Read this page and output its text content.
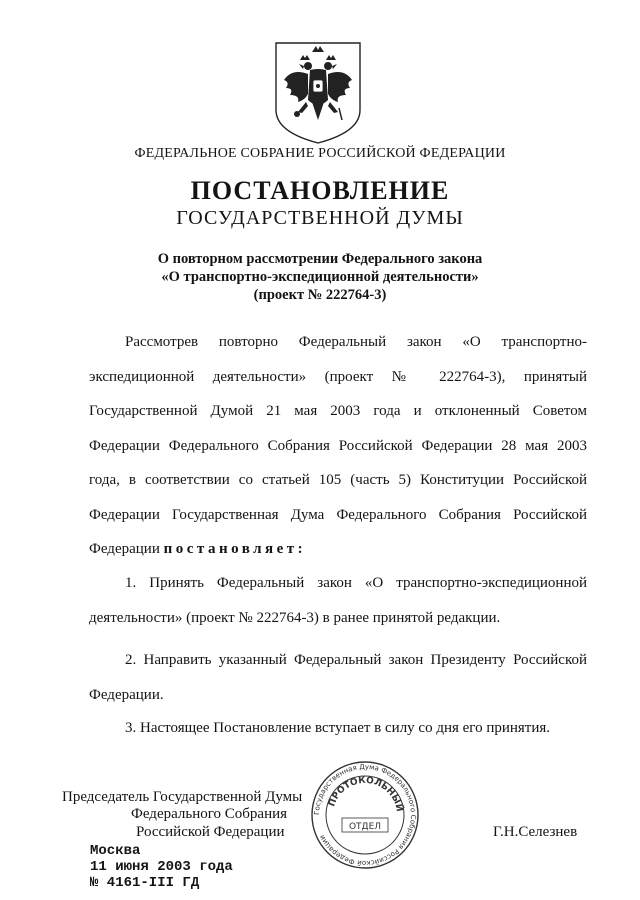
ФЕДЕРАЛЬНОЕ СОБРАНИЕ РОССИЙСКОЙ ФЕДЕРАЦИИ
ПОСТАНОВЛЕНИЕ
ГОСУДАРСТВЕННОЙ ДУМЫ
О повторном рассмотрении Федерального закона
«О транспортно-экспедиционной деятельности»
(проект № 222764-3)
Рассмотрев повторно Федеральный закон «О транспортно-
экспедиционной деятельности» (проект № 222764-3), принятый
Государственной Думой 21 мая 2003 года и отклоненный Советом
Федерации Федерального Собрания Российской Федерации 28 мая 2003
года, в соответствии со статьей 105 (часть 5) Конституции Российской
Федерации Государственная Дума Федерального Собрания Российской
Федерации постановляет:
1. Принять Федеральный закон «О транспортно-экспедиционной
деятельности» (проект № 222764-3) в ранее принятой редакции.
2. Направить указанный Федеральный закон Президенту Российской
Федерации.
3. Настоящее Постановление вступает в силу со дня его принятия.
Председатель Государственной Думы
Федерального Собрания
Российской Федерации	Г.Н.Селезнев
Москва
11 июня 2003 года
№ 4161-III ГД
Государственная Дума Федерального Собрания Российской Федерации
ПРОТОКОЛЬНЫЙ
ОТДЕЛ
